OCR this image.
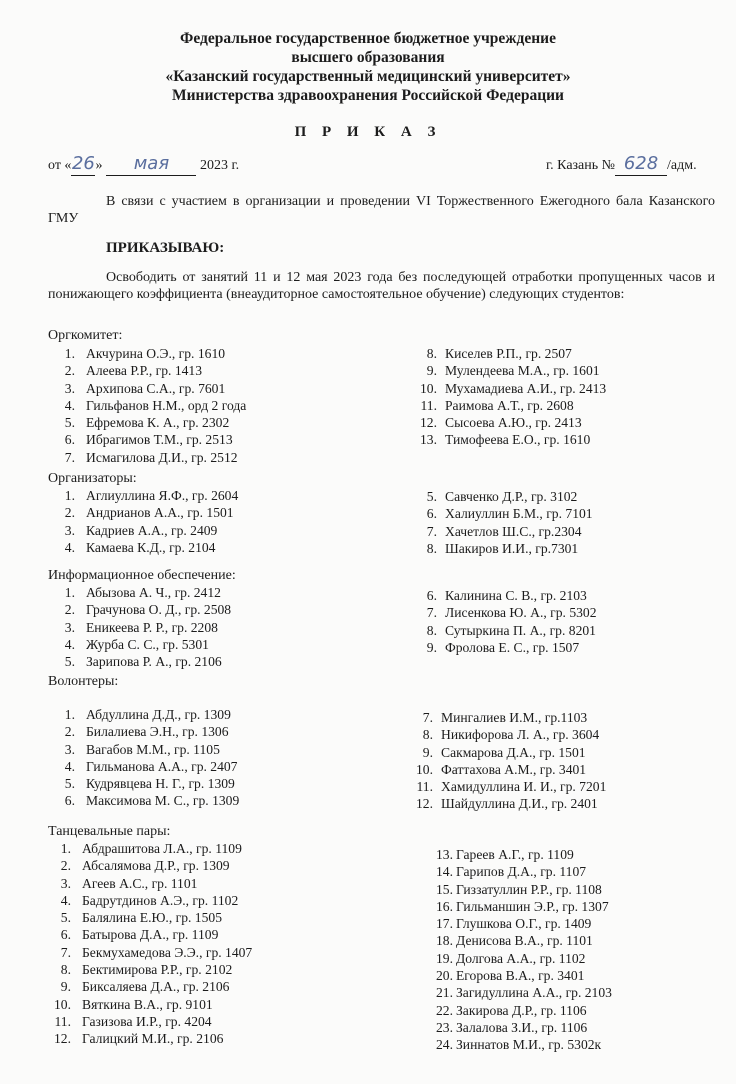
Федеральное государственное бюджетное учреждение
высшего образования
«Казанский государственный медицинский университет»
Министерства здравоохранения Российской Федерации
П Р И К А З
от «26» мая 2023 г.	г. Казань № 628 /адм.
В связи с участием в организации и проведении VI Торжественного Ежегодного бала Казанского ГМУ
ПРИКАЗЫВАЮ:
Освободить от занятий 11 и 12 мая 2023 года без последующей отработки пропущенных часов и понижающего коэффициента (внеаудиторное самостоятельное обучение) следующих студентов:
Оргкомитет:
1. Акчурина О.Э., гр. 1610
2. Алеева Р.Р., гр. 1413
3. Архипова С.А., гр. 7601
4. Гильфанов Н.М., орд 2 года
5. Ефремова К. А., гр. 2302
6. Ибрагимов Т.М., гр. 2513
7. Исмагилова Д.И., гр. 2512
8. Киселев Р.П., гр. 2507
9. Мулендеева М.А., гр. 1601
10. Мухамадиева А.И., гр. 2413
11. Раимова А.Т., гр. 2608
12. Сысоева А.Ю., гр. 2413
13. Тимофеева Е.О., гр. 1610
Организаторы:
1. Аглиуллина Я.Ф., гр. 2604
2. Андрианов А.А., гр. 1501
3. Кадриев А.А., гр. 2409
4. Камаева К.Д., гр. 2104
5. Савченко Д.Р., гр. 3102
6. Халиуллин Б.М., гр. 7101
7. Хачетлов Ш.С., гр.2304
8. Шакиров И.И., гр.7301
Информационное обеспечение:
1. Абызова А. Ч., гр. 2412
2. Грачунова О. Д., гр. 2508
3. Еникеева Р. Р., гр. 2208
4. Журба С. С., гр. 5301
5. Зарипова Р. А., гр. 2106
6. Калинина С. В., гр. 2103
7. Лисенкова Ю. А., гр. 5302
8. Сутыркина П. А., гр. 8201
9. Фролова Е. С., гр. 1507
Волонтеры:
1. Абдуллина Д.Д., гр. 1309
2. Билалиева Э.Н., гр. 1306
3. Вагабов М.М., гр. 1105
4. Гильманова А.А., гр. 2407
5. Кудрявцева Н. Г., гр. 1309
6. Максимова М. С., гр. 1309
7. Мингалиев И.М., гр.1103
8. Никифорова Л. А., гр. 3604
9. Сакмарова Д.А., гр. 1501
10. Фаттахова А.М., гр. 3401
11. Хамидуллина И. И., гр. 7201
12. Шайдуллина Д.И., гр. 2401
Танцевальные пары:
1. Абдрашитова Л.А., гр. 1109
2. Абсалямова Д.Р., гр. 1309
3. Агеев А.С., гр. 1101
4. Бадрутдинов А.Э., гр. 1102
5. Балялина Е.Ю., гр. 1505
6. Батырова Д.А., гр. 1109
7. Бекмухамедова Э.Э., гр. 1407
8. Бектимирова Р.Р., гр. 2102
9. Биксаляева Д.А., гр. 2106
10. Вяткина В.А., гр. 9101
11. Газизова И.Р., гр. 4204
12. Галицкий М.И., гр. 2106
13. Гареев А.Г., гр. 1109
14. Гарипов Д.А., гр. 1107
15. Гиззатуллин Р.Р., гр. 1108
16. Гильманшин Э.Р., гр. 1307
17. Глушкова О.Г., гр. 1409
18. Денисова В.А., гр. 1101
19. Долгова А.А., гр. 1102
20. Егорова В.А., гр. 3401
21. Загидуллина А.А., гр. 2103
22. Закирова Д.Р., гр. 1106
23. Залалова З.И., гр. 1106
24. Зиннатов М.И., гр. 5302к
